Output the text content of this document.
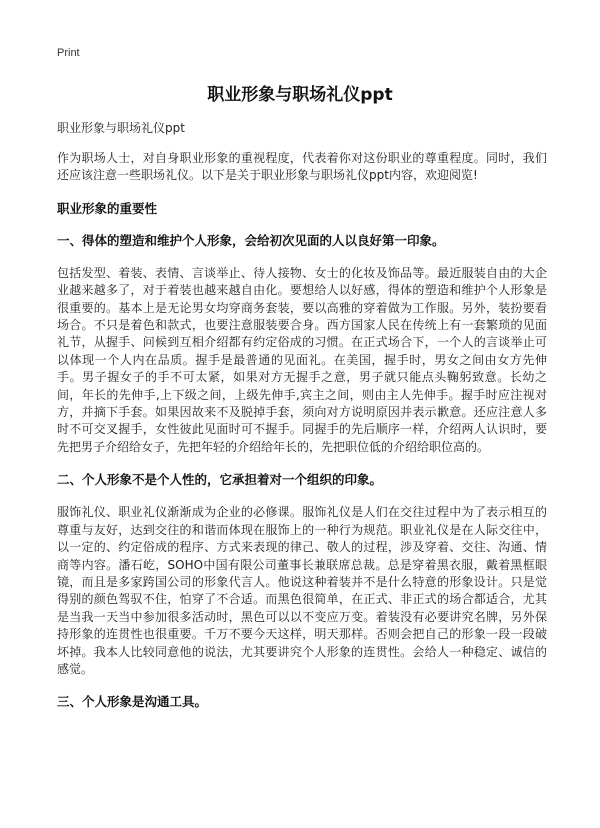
Print
职业形象与职场礼仪ppt

职业形象与职场礼仪ppt

作为职场人士，对自身职业形象的重视程度，代表着你对这份职业的尊重程度。同时，我们还应该注意一些职场礼仪。以下是关于职业形象与职场礼仪ppt内容，欢迎阅览!

职业形象的重要性

一、得体的塑造和维护个人形象，会给初次见面的人以良好第一印象。

包括发型、着装、表情、言谈举止、待人接物、女士的化妆及饰品等。最近服装自由的大企业越来越多了，对于着装也越来越自由化。要想给人以好感，得体的塑造和维护个人形象是很重要的。基本上是无论男女均穿商务套装，要以高雅的穿着做为工作服。另外，装扮要看场合。不只是着色和款式，也要注意服装要合身。西方国家人民在传统上有一套繁琐的见面礼节，从握手、问候到互相介绍都有约定俗成的习惯。在正式场合下，一个人的言谈举止可以体现一个人内在品质。握手是最普通的见面礼。在美国，握手时，男女之间由女方先伸手。男子握女子的手不可太紧，如果对方无握手之意，男子就只能点头鞠躬致意。长幼之间，年长的先伸手,上下级之间，上级先伸手,宾主之间，则由主人先伸手。握手时应注视对方，并摘下手套。如果因故来不及脱掉手套，须向对方说明原因并表示歉意。还应注意人多时不可交叉握手，女性彼此见面时可不握手。同握手的先后顺序一样，介绍两人认识时，要先把男子介绍给女子，先把年轻的介绍给年长的，先把职位低的介绍给职位高的。

二、个人形象不是个人性的，它承担着对一个组织的印象。

服饰礼仪、职业礼仪渐渐成为企业的必修课。服饰礼仪是人们在交往过程中为了表示相互的尊重与友好，达到交往的和谐而体现在服饰上的一种行为规范。职业礼仪是在人际交往中，以一定的、约定俗成的程序、方式来表现的律己、敬人的过程，涉及穿着、交往、沟通、情商等内容。潘石屹，SOHO中国有限公司董事长兼联席总裁。总是穿着黑衣服，戴着黑框眼镜，而且是多家跨国公司的形象代言人。他说这种着装并不是什么特意的形象设计。只是觉得别的颜色驾驭不住，怕穿了不合适。而黑色很简单，在正式、非正式的场合都适合，尤其是当我一天当中参加很多活动时，黑色可以以不变应万变。着装没有必要讲究名牌，另外保持形象的连贯性也很重要。千万不要今天这样，明天那样。否则会把自己的形象一段一段破坏掉。我本人比较同意他的说法，尤其要讲究个人形象的连贯性。会给人一种稳定、诚信的感觉。

三、个人形象是沟通工具。
